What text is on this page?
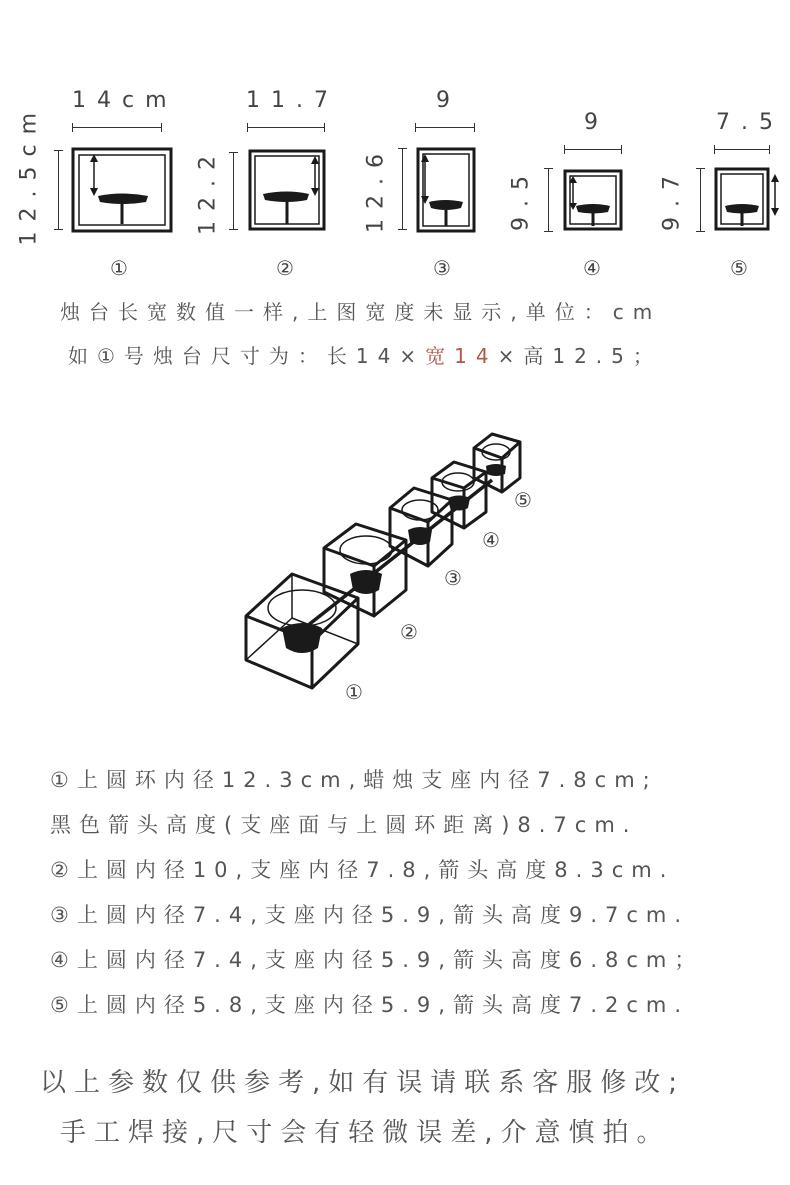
14cm
12.5cm
①
11.7
12.2
②
9
12.6
③
9
9.5
④
7.5
9.7
⑤
烛台长宽数值一样,上图宽度未显示,单位：cm
如①号烛台尺寸为：长14×宽14×高12.5；
①
②
③
④
⑤
①上圆环内径12.3cm,蜡烛支座内径7.8cm;
黑色箭头高度(支座面与上圆环距离)8.7cm.
②上圆内径10,支座内径7.8,箭头高度8.3cm.
③上圆内径7.4,支座内径5.9,箭头高度9.7cm.
④上圆内径7.4,支座内径5.9,箭头高度6.8cm；
⑤上圆内径5.8,支座内径5.9,箭头高度7.2cm.
以上参数仅供参考,如有误请联系客服修改;
手工焊接,尺寸会有轻微误差,介意慎拍。
